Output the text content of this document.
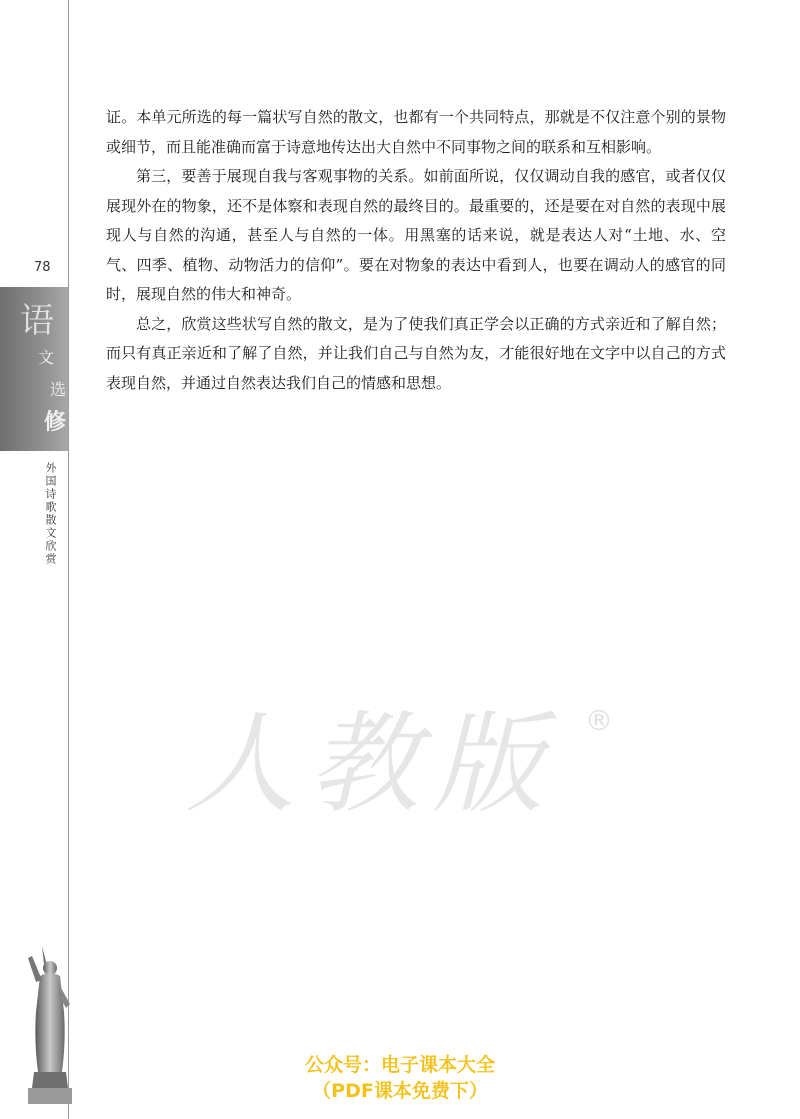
78
语
文
选
修
外国诗歌散文欣赏

证。本单元所选的每一篇状写自然的散文，也都有一个共同特点，那就是不仅注意个别的景物或细节，而且能准确而富于诗意地传达出大自然中不同事物之间的联系和互相影响。

第三，要善于展现自我与客观事物的关系。如前面所说，仅仅调动自我的感官，或者仅仅展现外在的物象，还不是体察和表现自然的最终目的。最重要的，还是要在对自然的表现中展现人与自然的沟通，甚至人与自然的一体。用黑塞的话来说，就是表达人对“土地、水、空气、四季、植物、动物活力的信仰”。要在对物象的表达中看到人，也要在调动人的感官的同时，展现自然的伟大和神奇。

总之，欣赏这些状写自然的散文，是为了使我们真正学会以正确的方式亲近和了解自然；而只有真正亲近和了解了自然，并让我们自己与自然为友，才能很好地在文字中以自己的方式表现自然，并通过自然表达我们自己的情感和思想。

人教版 ®
公众号：电子课本大全
（PDF课本免费下）
